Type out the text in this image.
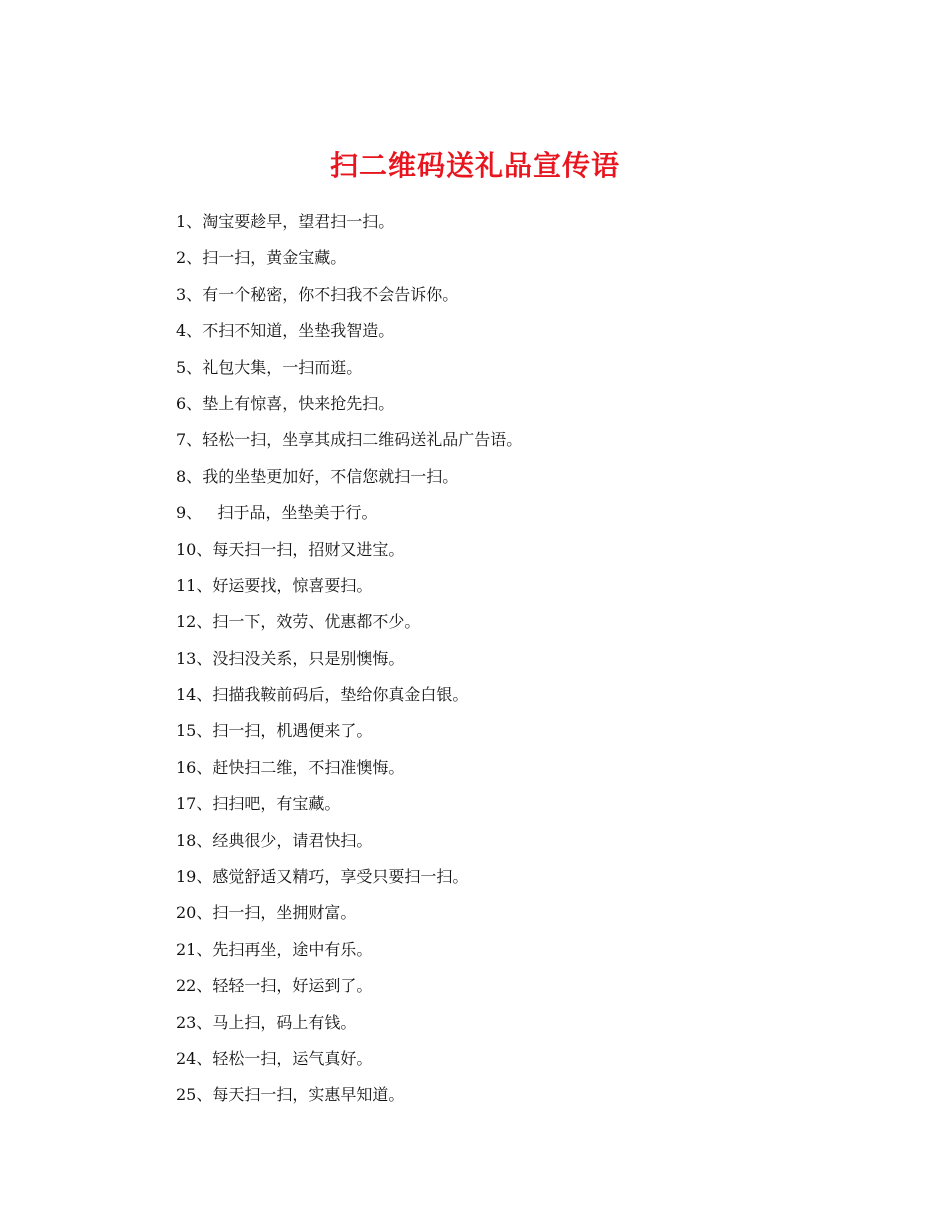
扫二维码送礼品宣传语
1、淘宝要趁早，望君扫一扫。
2、扫一扫，黄金宝藏。
3、有一个秘密，你不扫我不会告诉你。
4、不扫不知道，坐垫我智造。
5、礼包大集，一扫而逛。
6、垫上有惊喜，快来抢先扫。
7、轻松一扫，坐享其成扫二维码送礼品广告语。
8、我的坐垫更加好，不信您就扫一扫。
9、   扫于品，坐垫美于行。
10、每天扫一扫，招财又进宝。
11、好运要找，惊喜要扫。
12、扫一下，效劳、优惠都不少。
13、没扫没关系，只是别懊悔。
14、扫描我鞍前码后，垫给你真金白银。
15、扫一扫，机遇便来了。
16、赶快扫二维，不扫准懊悔。
17、扫扫吧，有宝藏。
18、经典很少，请君快扫。
19、感觉舒适又精巧，享受只要扫一扫。
20、扫一扫，坐拥财富。
21、先扫再坐，途中有乐。
22、轻轻一扫，好运到了。
23、马上扫，码上有钱。
24、轻松一扫，运气真好。
25、每天扫一扫，实惠早知道。
